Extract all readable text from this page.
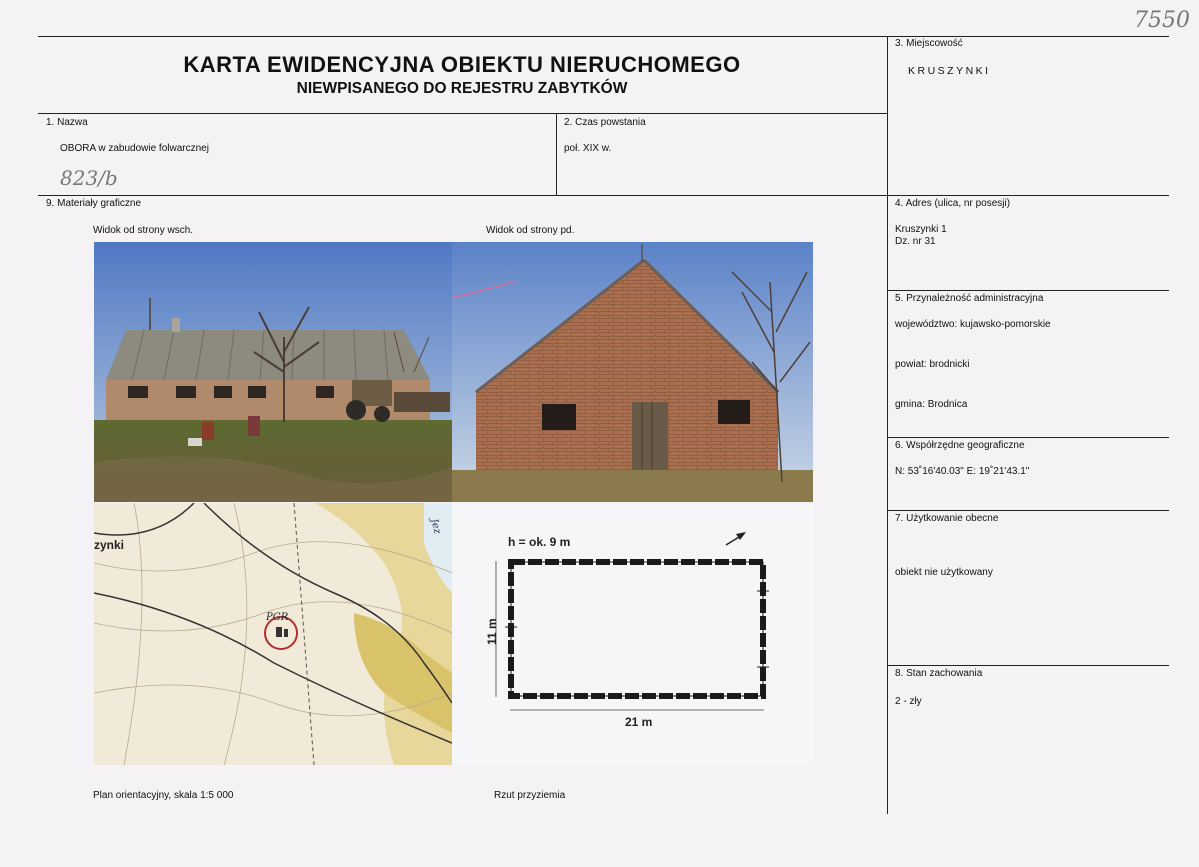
7550
KARTA EWIDENCYJNA OBIEKTU NIERUCHOMEGO
NIEWPISANEGO DO REJESTRU ZABYTKÓW
1. Nazwa
OBORA w zabudowie folwarcznej
823/b
2. Czas powstania
poł. XIX w.
3. Miejscowość
KRUSZYNKI
4. Adres (ulica, nr posesji)
Kruszynki 1
Dz. nr 31
5. Przynależność administracyjna
województwo: kujawsko-pomorskie
powiat: brodnicki
gmina: Brodnica
6. Współrzędne geograficzne
N: 53˚16'40.03" E: 19˚21'43.1"
7. Użytkowanie obecne
obiekt nie użytkowany
8. Stan zachowania
2 - zły
9. Materiały graficzne
Widok od strony wsch.	Widok od strony pd.
Plan orientacyjny, skala 1:5 000	Rzut przyziemia
PGR
zynki
Jez
h = ok. 9 m
21 m
11 m
